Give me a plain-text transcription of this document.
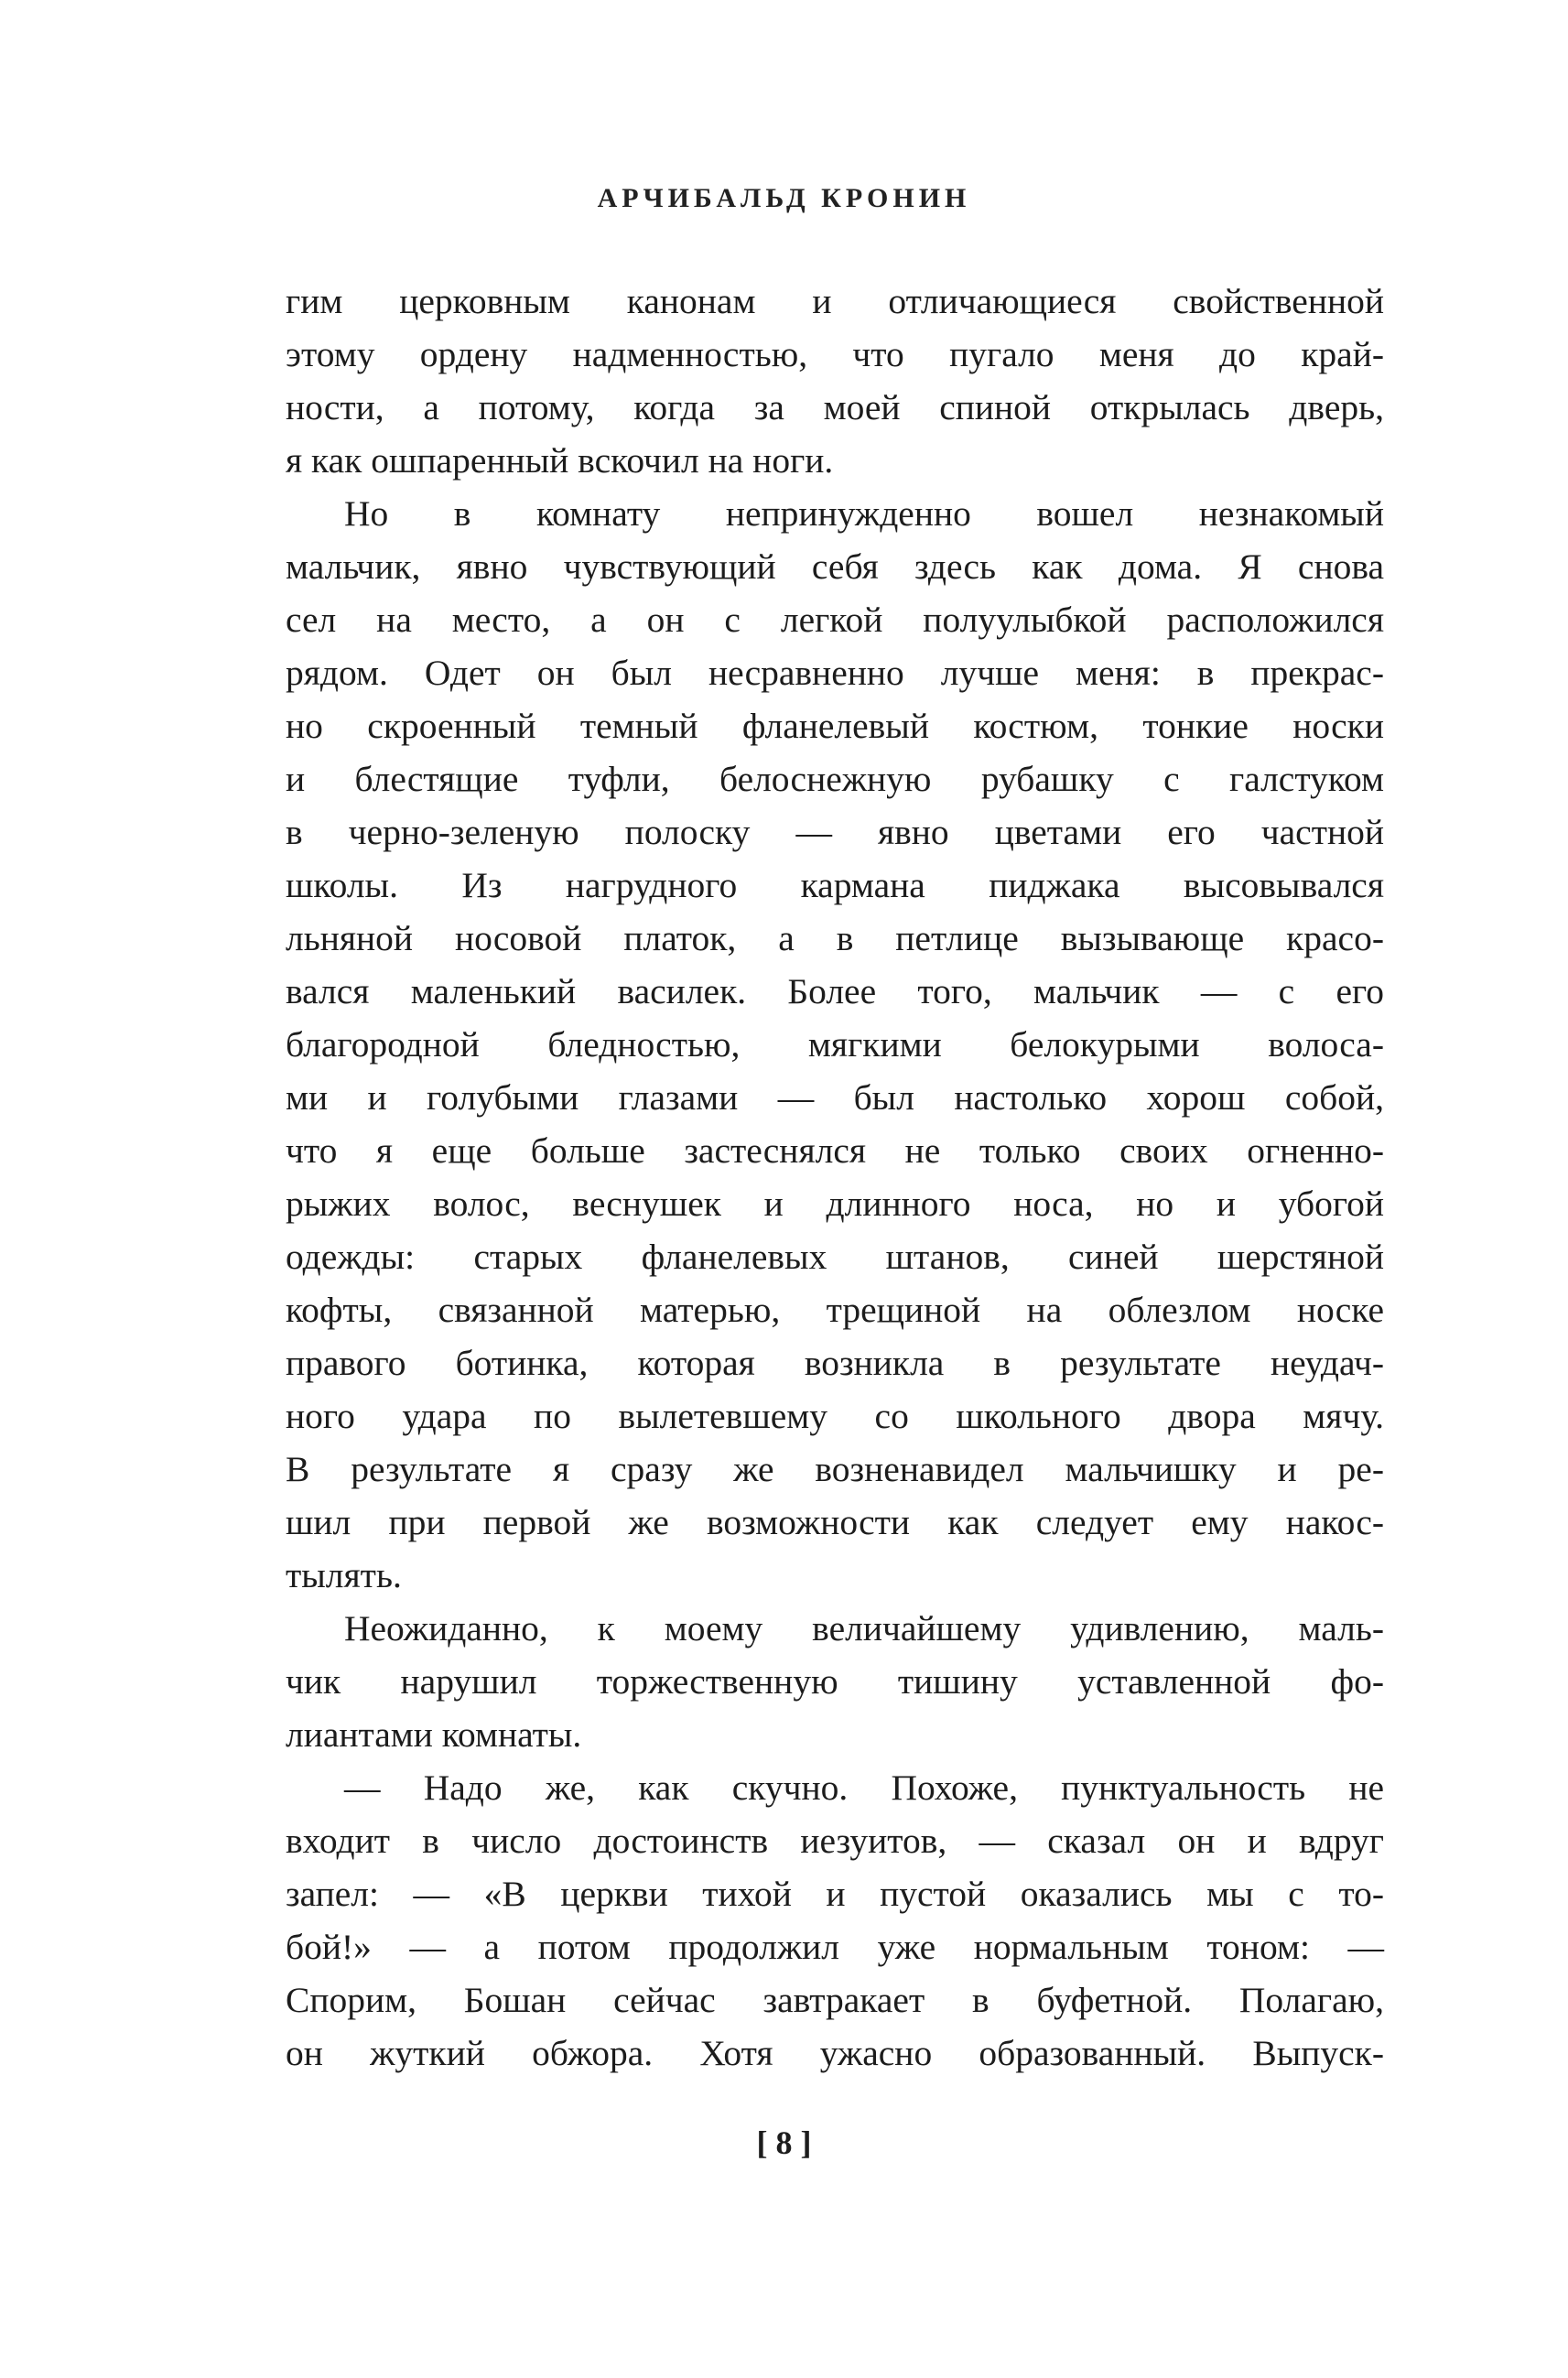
АРЧИБАЛЬД КРОНИН
гим церковным канонам и отличающиеся свойственной
этому ордену надменностью, что пугало меня до край-
ности, а потому, когда за моей спиной открылась дверь,
я как ошпаренный вскочил на ноги.
Но в комнату непринужденно вошел незнакомый
мальчик, явно чувствующий себя здесь как дома. Я снова
сел на место, а он с легкой полуулыбкой расположился
рядом. Одет он был несравненно лучше меня: в прекрас-
но скроенный темный фланелевый костюм, тонкие носки
и блестящие туфли, белоснежную рубашку с галстуком
в черно-зеленую полоску — явно цветами его частной
школы. Из нагрудного кармана пиджака высовывался
льняной носовой платок, а в петлице вызывающе красо-
вался маленький василек. Более того, мальчик — с его
благородной бледностью, мягкими белокурыми волоса-
ми и голубыми глазами — был настолько хорош собой,
что я еще больше застеснялся не только своих огненно-
рыжих волос, веснушек и длинного носа, но и убогой
одежды: старых фланелевых штанов, синей шерстяной
кофты, связанной матерью, трещиной на облезлом носке
правого ботинка, которая возникла в результате неудач-
ного удара по вылетевшему со школьного двора мячу.
В результате я сразу же возненавидел мальчишку и ре-
шил при первой же возможности как следует ему накос-
тылять.
Неожиданно, к моему величайшему удивлению, маль-
чик нарушил торжественную тишину уставленной фо-
лиантами комнаты.
— Надо же, как скучно. Похоже, пунктуальность не
входит в число достоинств иезуитов, — сказал он и вдруг
запел: — «В церкви тихой и пустой оказались мы с то-
бой!» — а потом продолжил уже нормальным тоном: —
Спорим, Бошан сейчас завтракает в буфетной. Полагаю,
он жуткий обжора. Хотя ужасно образованный. Выпуск-
[ 8 ]
